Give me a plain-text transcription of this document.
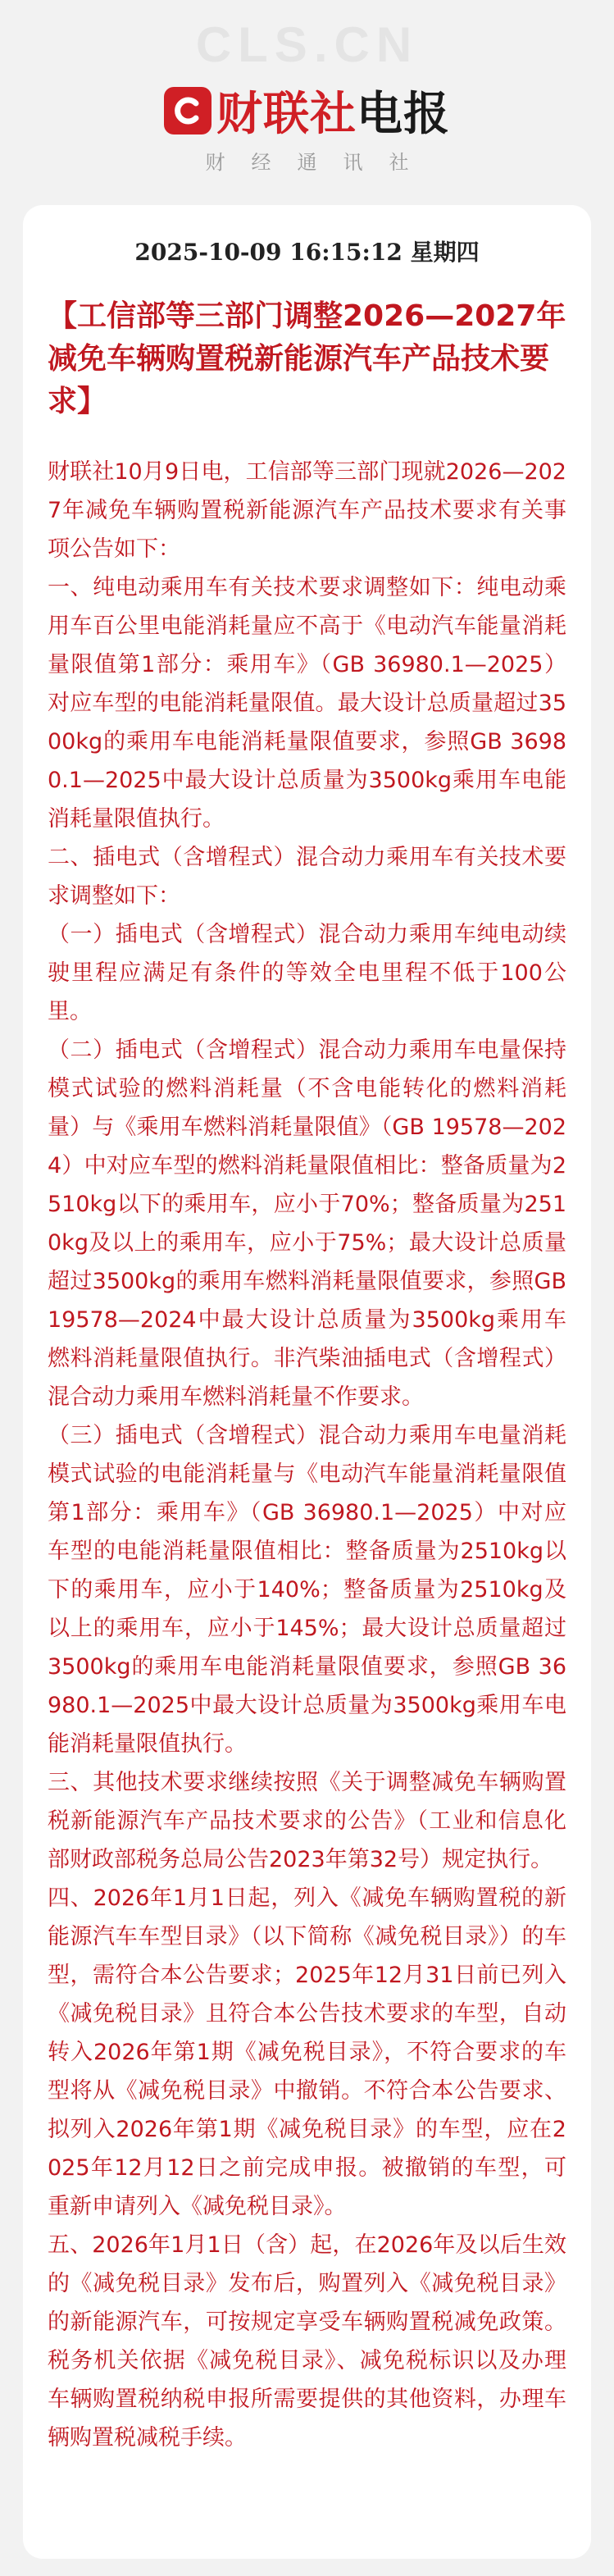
CLS.CN
财联社电报
财经通讯社
2025-10-09 16:15:12 星期四
【工信部等三部门调整2026—2027年减免车辆购置税新能源汽车产品技术要求】

财联社10月9日电，工信部等三部门现就2026—2027年减免车辆购置税新能源汽车产品技术要求有关事项公告如下：

一、纯电动乘用车有关技术要求调整如下：纯电动乘用车百公里电能消耗量应不高于《电动汽车能量消耗量限值第1部分：乘用车》（GB 36980.1—2025）对应车型的电能消耗量限值。最大设计总质量超过3500kg的乘用车电能消耗量限值要求，参照GB 36980.1—2025中最大设计总质量为3500kg乘用车电能消耗量限值执行。

二、插电式（含增程式）混合动力乘用车有关技术要求调整如下：

（一）插电式（含增程式）混合动力乘用车纯电动续驶里程应满足有条件的等效全电里程不低于100公里。

（二）插电式（含增程式）混合动力乘用车电量保持模式试验的燃料消耗量（不含电能转化的燃料消耗量）与《乘用车燃料消耗量限值》（GB 19578—2024）中对应车型的燃料消耗量限值相比：整备质量为2510kg以下的乘用车，应小于70%；整备质量为2510kg及以上的乘用车，应小于75%；最大设计总质量超过3500kg的乘用车燃料消耗量限值要求，参照GB 19578—2024中最大设计总质量为3500kg乘用车燃料消耗量限值执行。非汽柴油插电式（含增程式）混合动力乘用车燃料消耗量不作要求。

（三）插电式（含增程式）混合动力乘用车电量消耗模式试验的电能消耗量与《电动汽车能量消耗量限值第1部分：乘用车》（GB 36980.1—2025）中对应车型的电能消耗量限值相比：整备质量为2510kg以下的乘用车，应小于140%；整备质量为2510kg及以上的乘用车，应小于145%；最大设计总质量超过3500kg的乘用车电能消耗量限值要求，参照GB 36980.1—2025中最大设计总质量为3500kg乘用车电能消耗量限值执行。

三、其他技术要求继续按照《关于调整减免车辆购置税新能源汽车产品技术要求的公告》（工业和信息化部财政部税务总局公告2023年第32号）规定执行。

四、2026年1月1日起，列入《减免车辆购置税的新能源汽车车型目录》（以下简称《减免税目录》）的车型，需符合本公告要求；2025年12月31日前已列入《减免税目录》且符合本公告技术要求的车型，自动转入2026年第1期《减免税目录》，不符合要求的车型将从《减免税目录》中撤销。不符合本公告要求、拟列入2026年第1期《减免税目录》的车型，应在2025年12月12日之前完成申报。被撤销的车型，可重新申请列入《减免税目录》。

五、2026年1月1日（含）起，在2026年及以后生效的《减免税目录》发布后，购置列入《减免税目录》的新能源汽车，可按规定享受车辆购置税减免政策。税务机关依据《减免税目录》、减免税标识以及办理车辆购置税纳税申报所需要提供的其他资料，办理车辆购置税减税手续。
